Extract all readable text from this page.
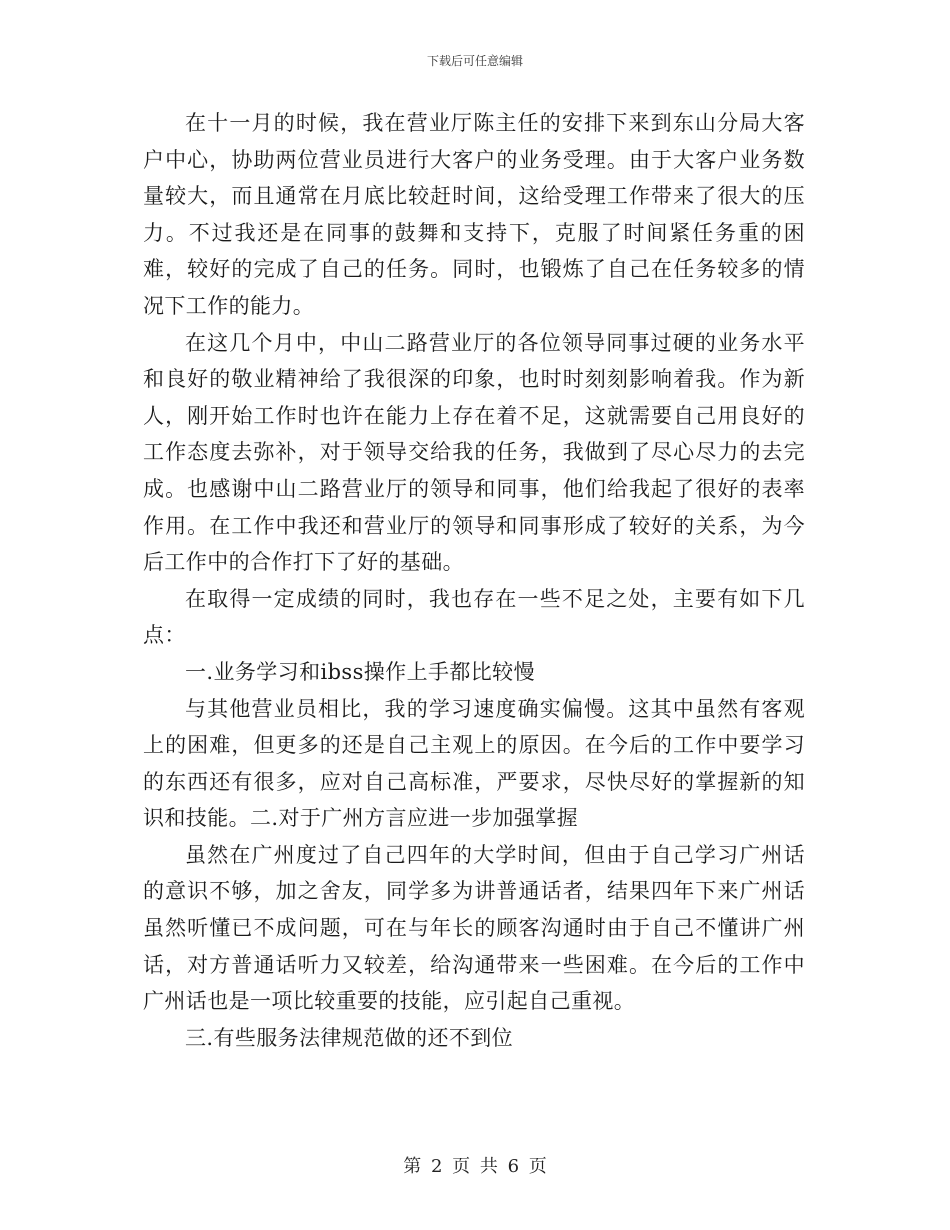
下载后可任意编辑

在十一月的时候，我在营业厅陈主任的安排下来到东山分局大客户中心，协助两位营业员进行大客户的业务受理。由于大客户业务数量较大，而且通常在月底比较赶时间，这给受理工作带来了很大的压力。不过我还是在同事的鼓舞和支持下，克服了时间紧任务重的困难，较好的完成了自己的任务。同时，也锻炼了自己在任务较多的情况下工作的能力。

在这几个月中，中山二路营业厅的各位领导同事过硬的业务水平和良好的敬业精神给了我很深的印象，也时时刻刻影响着我。作为新人，刚开始工作时也许在能力上存在着不足，这就需要自己用良好的工作态度去弥补，对于领导交给我的任务，我做到了尽心尽力的去完成。也感谢中山二路营业厅的领导和同事，他们给我起了很好的表率作用。在工作中我还和营业厅的领导和同事形成了较好的关系，为今后工作中的合作打下了好的基础。

在取得一定成绩的同时，我也存在一些不足之处，主要有如下几点：

一.业务学习和ibss操作上手都比较慢

与其他营业员相比，我的学习速度确实偏慢。这其中虽然有客观上的困难，但更多的还是自己主观上的原因。在今后的工作中要学习的东西还有很多，应对自己高标准，严要求，尽快尽好的掌握新的知识和技能。二.对于广州方言应进一步加强掌握

虽然在广州度过了自己四年的大学时间，但由于自己学习广州话的意识不够，加之舍友，同学多为讲普通话者，结果四年下来广州话虽然听懂已不成问题，可在与年长的顾客沟通时由于自己不懂讲广州话，对方普通话听力又较差，给沟通带来一些困难。在今后的工作中广州话也是一项比较重要的技能，应引起自己重视。

三.有些服务法律规范做的还不到位

第 2 页 共 6 页
